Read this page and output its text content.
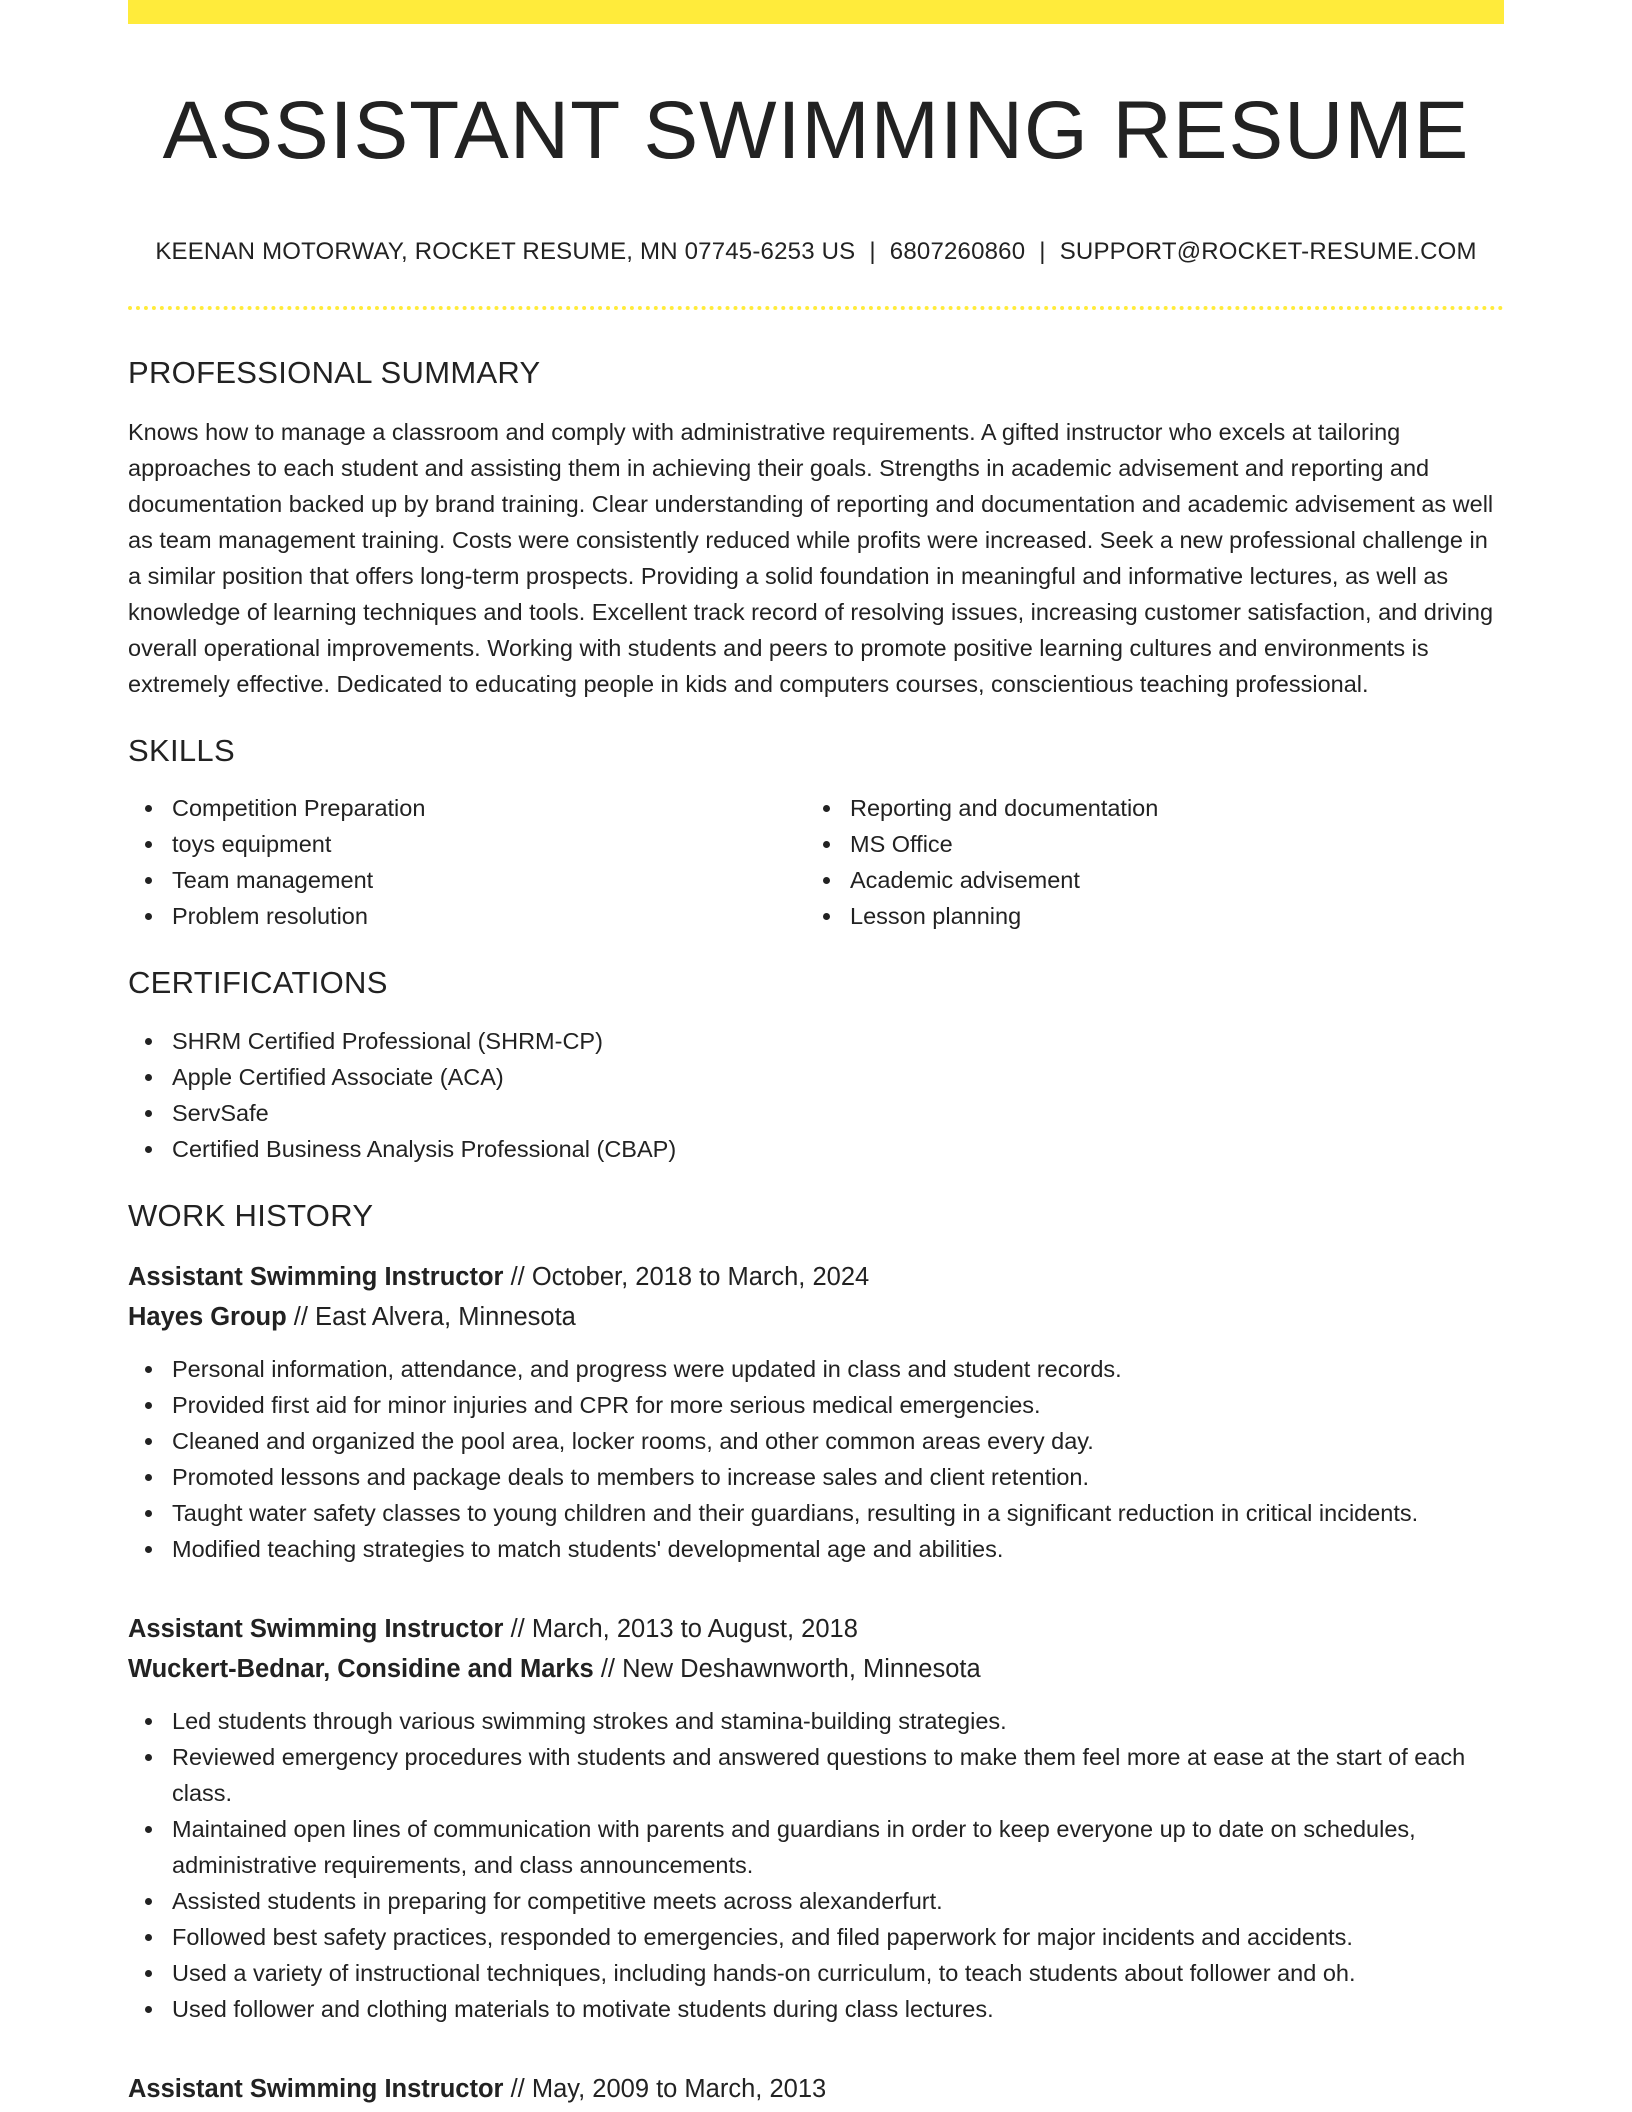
ASSISTANT SWIMMING RESUME
KEENAN MOTORWAY, ROCKET RESUME, MN 07745-6253 US | 6807260860 | SUPPORT@ROCKET-RESUME.COM
PROFESSIONAL SUMMARY

Knows how to manage a classroom and comply with administrative requirements. A gifted instructor who excels at tailoring approaches to each student and assisting them in achieving their goals. Strengths in academic advisement and reporting and documentation backed up by brand training. Clear understanding of reporting and documentation and academic advisement as well as team management training. Costs were consistently reduced while profits were increased. Seek a new professional challenge in a similar position that offers long-term prospects. Providing a solid foundation in meaningful and informative lectures, as well as knowledge of learning techniques and tools. Excellent track record of resolving issues, increasing customer satisfaction, and driving overall operational improvements. Working with students and peers to promote positive learning cultures and environments is extremely effective. Dedicated to educating people in kids and computers courses, conscientious teaching professional.

SKILLS
Competition Preparation
toys equipment
Team management
Problem resolution
Reporting and documentation
MS Office
Academic advisement
Lesson planning
CERTIFICATIONS
SHRM Certified Professional (SHRM-CP)
Apple Certified Associate (ACA)
ServSafe
Certified Business Analysis Professional (CBAP)
WORK HISTORY
Assistant Swimming Instructor // October, 2018 to March, 2024
Hayes Group // East Alvera, Minnesota
Personal information, attendance, and progress were updated in class and student records.
Provided first aid for minor injuries and CPR for more serious medical emergencies.
Cleaned and organized the pool area, locker rooms, and other common areas every day.
Promoted lessons and package deals to members to increase sales and client retention.
Taught water safety classes to young children and their guardians, resulting in a significant reduction in critical incidents.
Modified teaching strategies to match students' developmental age and abilities.
Assistant Swimming Instructor // March, 2013 to August, 2018
Wuckert-Bednar, Considine and Marks // New Deshawnworth, Minnesota
Led students through various swimming strokes and stamina-building strategies.
Reviewed emergency procedures with students and answered questions to make them feel more at ease at the start of each class.
Maintained open lines of communication with parents and guardians in order to keep everyone up to date on schedules, administrative requirements, and class announcements.
Assisted students in preparing for competitive meets across alexanderfurt.
Followed best safety practices, responded to emergencies, and filed paperwork for major incidents and accidents.
Used a variety of instructional techniques, including hands-on curriculum, to teach students about follower and oh.
Used follower and clothing materials to motivate students during class lectures.
Assistant Swimming Instructor // May, 2009 to March, 2013
